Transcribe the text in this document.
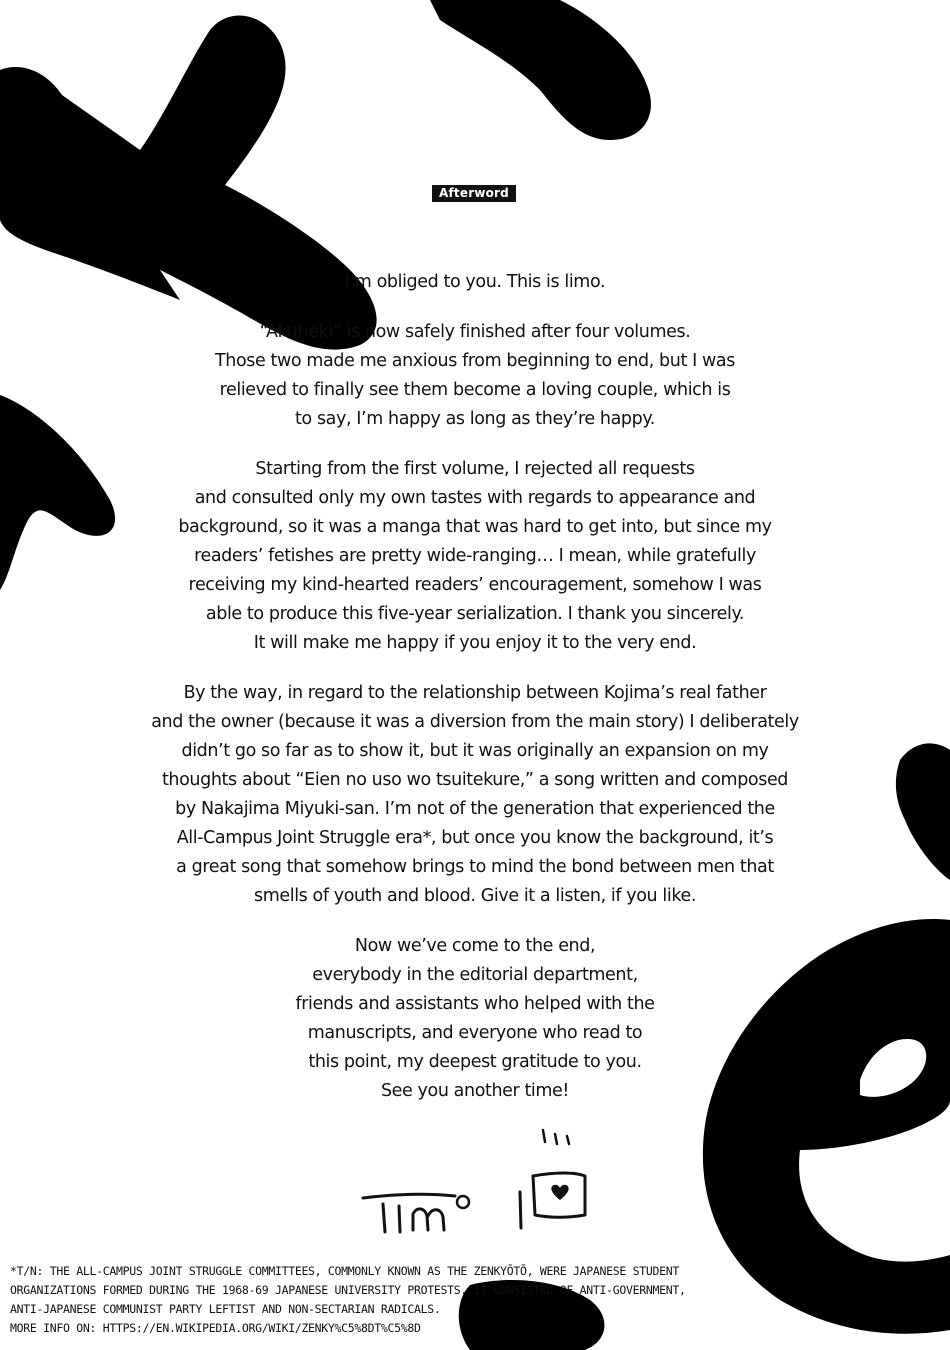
Afterword

I’m obliged to you. This is limo.

“Akuheki” is now safely finished after four volumes.
Those two made me anxious from beginning to end, but I was
relieved to finally see them become a loving couple, which is
to say, I’m happy as long as they’re happy.

Starting from the first volume, I rejected all requests
and consulted only my own tastes with regards to appearance and
background, so it was a manga that was hard to get into, but since my
readers’ fetishes are pretty wide-ranging… I mean, while gratefully
receiving my kind-hearted readers’ encouragement, somehow I was
able to produce this five-year serialization. I thank you sincerely.
It will make me happy if you enjoy it to the very end.

By the way, in regard to the relationship between Kojima’s real father
and the owner (because it was a diversion from the main story) I deliberately
didn’t go so far as to show it, but it was originally an expansion on my
thoughts about “Eien no uso wo tsuitekure,” a song written and composed
by Nakajima Miyuki-san. I’m not of the generation that experienced the
All-Campus Joint Struggle era*, but once you know the background, it’s
a great song that somehow brings to mind the bond between men that
smells of youth and blood. Give it a listen, if you like.

Now we’ve come to the end,
everybody in the editorial department,
friends and assistants who helped with the
manuscripts, and everyone who read to
this point, my deepest gratitude to you.
See you another time!

*T/N: THE ALL-CAMPUS JOINT STRUGGLE COMMITTEES, COMMONLY KNOWN AS THE ZENKYŌTŌ, WERE JAPANESE STUDENT
ORGANIZATIONS FORMED DURING THE 1968-69 JAPANESE UNIVERSITY PROTESTS. IT CONSISTED OF ANTI-GOVERNMENT,
ANTI-JAPANESE COMMUNIST PARTY LEFTIST AND NON-SECTARIAN RADICALS.
MORE INFO ON: HTTPS://EN.WIKIPEDIA.ORG/WIKI/ZENKY%C5%8DT%C5%8D
